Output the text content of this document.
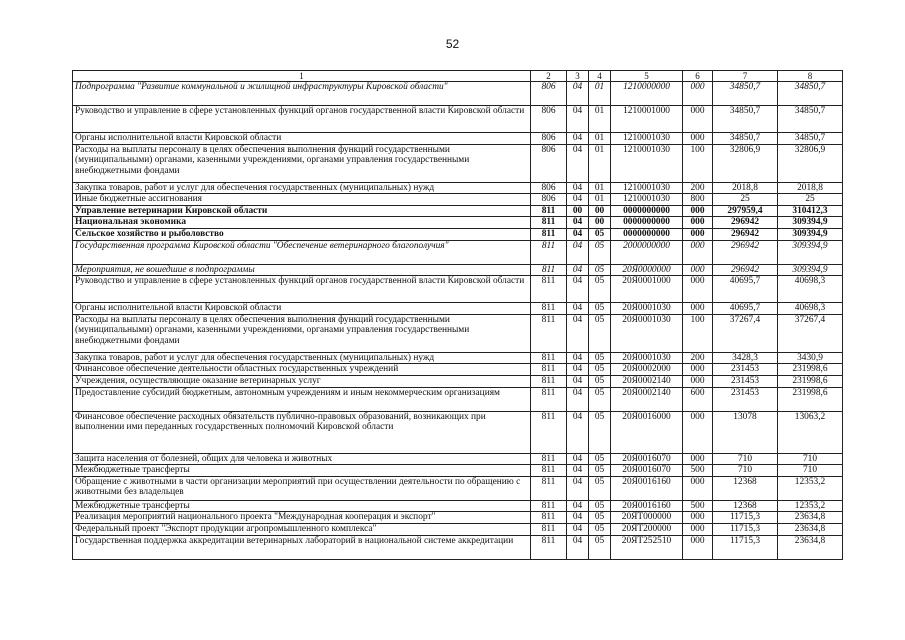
52
1	2	3	4	5	6	7	8
Подпрограмма "Развитие коммунальной и жилищной инфраструктуры Кировской области"	806	04	01	1210000000	000	34850,7	34850,7
Руководство и управление в сфере установленных функций органов государственной власти Кировской области	806	04	01	1210001000	000	34850,7	34850,7
Органы исполнительной власти Кировской области	806	04	01	1210001030	000	34850,7	34850,7
Расходы на выплаты персоналу в целях обеспечения выполнения функций государственными (муниципальными) органами, казенными учреждениями, органами управления государственными внебюджетными фондами	806	04	01	1210001030	100	32806,9	32806,9
Закупка товаров, работ и услуг для обеспечения государственных (муниципальных) нужд	806	04	01	1210001030	200	2018,8	2018,8
Иные бюджетные ассигнования	806	04	01	1210001030	800	25	25
Управление ветеринарии Кировской области	811	00	00	0000000000	000	297959,4	310412,3
Национальная экономика	811	04	00	0000000000	000	296942	309394,9
Сельское хозяйство и рыболовство	811	04	05	0000000000	000	296942	309394,9
Государственная программа Кировской области "Обеспечение ветеринарного благополучия"	811	04	05	2000000000	000	296942	309394,9
Мероприятия, не вошедшие в подпрограммы	811	04	05	20Я0000000	000	296942	309394,9
Руководство и управление в сфере установленных функций органов государственной власти Кировской области	811	04	05	20Я0001000	000	40695,7	40698,3
Органы исполнительной власти Кировской области	811	04	05	20Я0001030	000	40695,7	40698,3
Расходы на выплаты персоналу в целях обеспечения выполнения функций государственными (муниципальными) органами, казенными учреждениями, органами управления государственными внебюджетными фондами	811	04	05	20Я0001030	100	37267,4	37267,4
Закупка товаров, работ и услуг для обеспечения государственных (муниципальных) нужд	811	04	05	20Я0001030	200	3428,3	3430,9
Финансовое обеспечение деятельности областных государственных учреждений	811	04	05	20Я0002000	000	231453	231998,6
Учреждения, осуществляющие оказание ветеринарных услуг	811	04	05	20Я0002140	000	231453	231998,6
Предоставление субсидий бюджетным, автономным учреждениям и иным некоммерческим организациям	811	04	05	20Я0002140	600	231453	231998,6
Финансовое обеспечение расходных обязательств публично-правовых образований, возникающих при выполнении ими переданных государственных полномочий Кировской области	811	04	05	20Я0016000	000	13078	13063,2
Защита населения от болезней, общих для человека и животных	811	04	05	20Я0016070	000	710	710
Межбюджетные трансферты	811	04	05	20Я0016070	500	710	710
Обращение с животными в части организации мероприятий при осуществлении деятельности по обращению с животными без владельцев	811	04	05	20Я0016160	000	12368	12353,2
Межбюджетные трансферты	811	04	05	20Я0016160	500	12368	12353,2
Реализация мероприятий национального проекта "Международная кооперация и экспорт"	811	04	05	20ЯТ000000	000	11715,3	23634,8
Федеральный проект "Экспорт продукции агропромышленного комплекса"	811	04	05	20ЯТ200000	000	11715,3	23634,8
Государственная поддержка аккредитации ветеринарных лабораторий в национальной системе аккредитации	811	04	05	20ЯТ252510	000	11715,3	23634,8
